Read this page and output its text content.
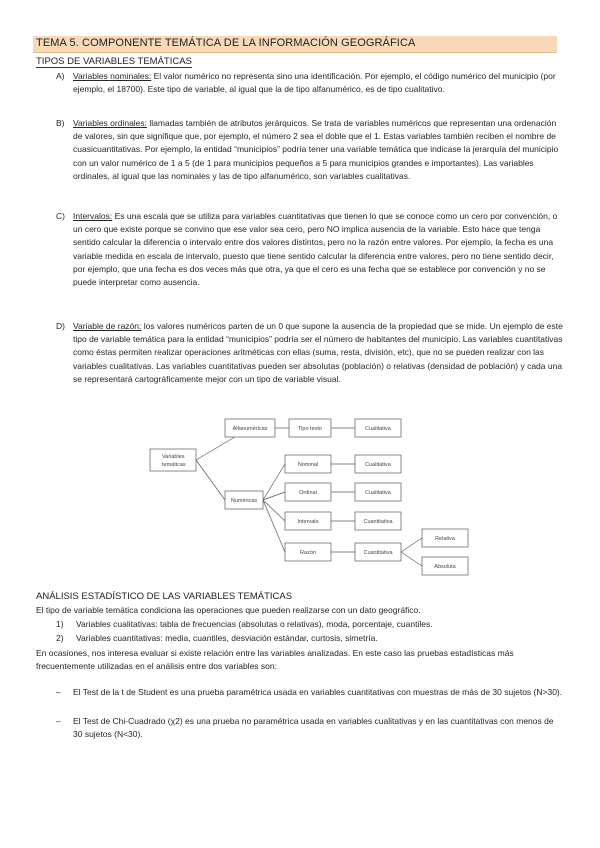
TEMA 5. COMPONENTE TEMÁTICA DE LA INFORMACIÓN GEOGRÁFICA
TIPOS DE VARIABLES TEMÁTICAS
A)	Variables nominales: El valor numérico no representa sino una identificación. Por ejemplo, el código numérico del municipio (por ejemplo, el 18700). Este tipo de variable, al igual que la de tipo alfanumérico, es de tipo cualitativo.
B)	Variables ordinales: llamadas también de atributos jerárquicos. Se trata de variables numéricos que representan una ordenación de valores, sin que signifique que, por ejemplo, el número 2 sea el doble que el 1. Estas variables también reciben el nombre de cuasicuantitativas. Por ejemplo, la entidad “municipios” podría tener una variable temática que indicase la jerarquía del municipio con un valor numérico de 1 a 5 (de 1 para municipios pequeños a 5 para municipios grandes e importantes). Las variables ordinales, al igual que las nominales y las de tipo alfanumérico, son variables cualitativas.
C) Intervalos: Es una escala que se utiliza para variables cuantitativas que tienen lo que se conoce como un cero por convención, o un cero que existe porque se convino que ese valor sea cero, pero NO implica ausencia de la variable. Esto hace que tenga sentido calcular la diferencia o intervalo entre dos valores distintos, pero no la razón entre valores. Por ejemplo, la fecha es una variable medida en escala de intervalo, puesto que tiene sentido calcular la diferencia entre valores, pero no tiene sentido decir, por ejemplo, que una fecha es dos veces más que otra, ya que el cero es una fecha que se establece por convención y no se puede interpretar como ausencia.
D) Variable de razón: los valores numéricos parten de un 0 que supone la ausencia de la propiedad que se mide. Un ejemplo de este tipo de variable temática para la entidad “municipios” podría ser el número de habitantes del municipio. Las variables cuantitativas como éstas permiten realizar operaciones aritméticas con ellas (suma, resta, división, etc), que no se pueden realizar con las variables cualitativas. Las variables cuantitativas pueden ser absolutas (población) o relativas (densidad de población) y cada una se representará cartográficamente mejor con un tipo de variable visual.
Variables
temáticas
Alfanuméricas	Tipo texto	Cualitativa
Numéricas
Nominal	Cualitativa
Ordinal	Cualitativa
Intervalo	Cuantitativa
Razón	Cuantitativa
Relativa
Absoluta
ANÁLISIS ESTADÍSTICO DE LAS VARIABLES TEMÁTICAS
El tipo de variable temática condiciona las operaciones que pueden realizarse con un dato geográfico.
1)	Variables cualitativas: tabla de frecuencias (absolutas o relativas), moda, porcentaje, cuantiles.
2)	Variables cuantitativas: media, cuantiles, desviación estándar, curtosis, simetría.
En ocasiones, nos interesa evaluar si existe relación entre las variables analizadas. En este caso las pruebas estadísticas más frecuentemente utilizadas en el análisis entre dos variables son:
–	El Test de la t de Student es una prueba paramétrica usada en variables cuantitativas con muestras de más de 30 sujetos (N>30).
–	El Test de Chi-Cuadrado (χ2) es una prueba no paramétrica usada en variables cualitativas y en las cuantitativas con menos de 30 sujetos (N<30).
